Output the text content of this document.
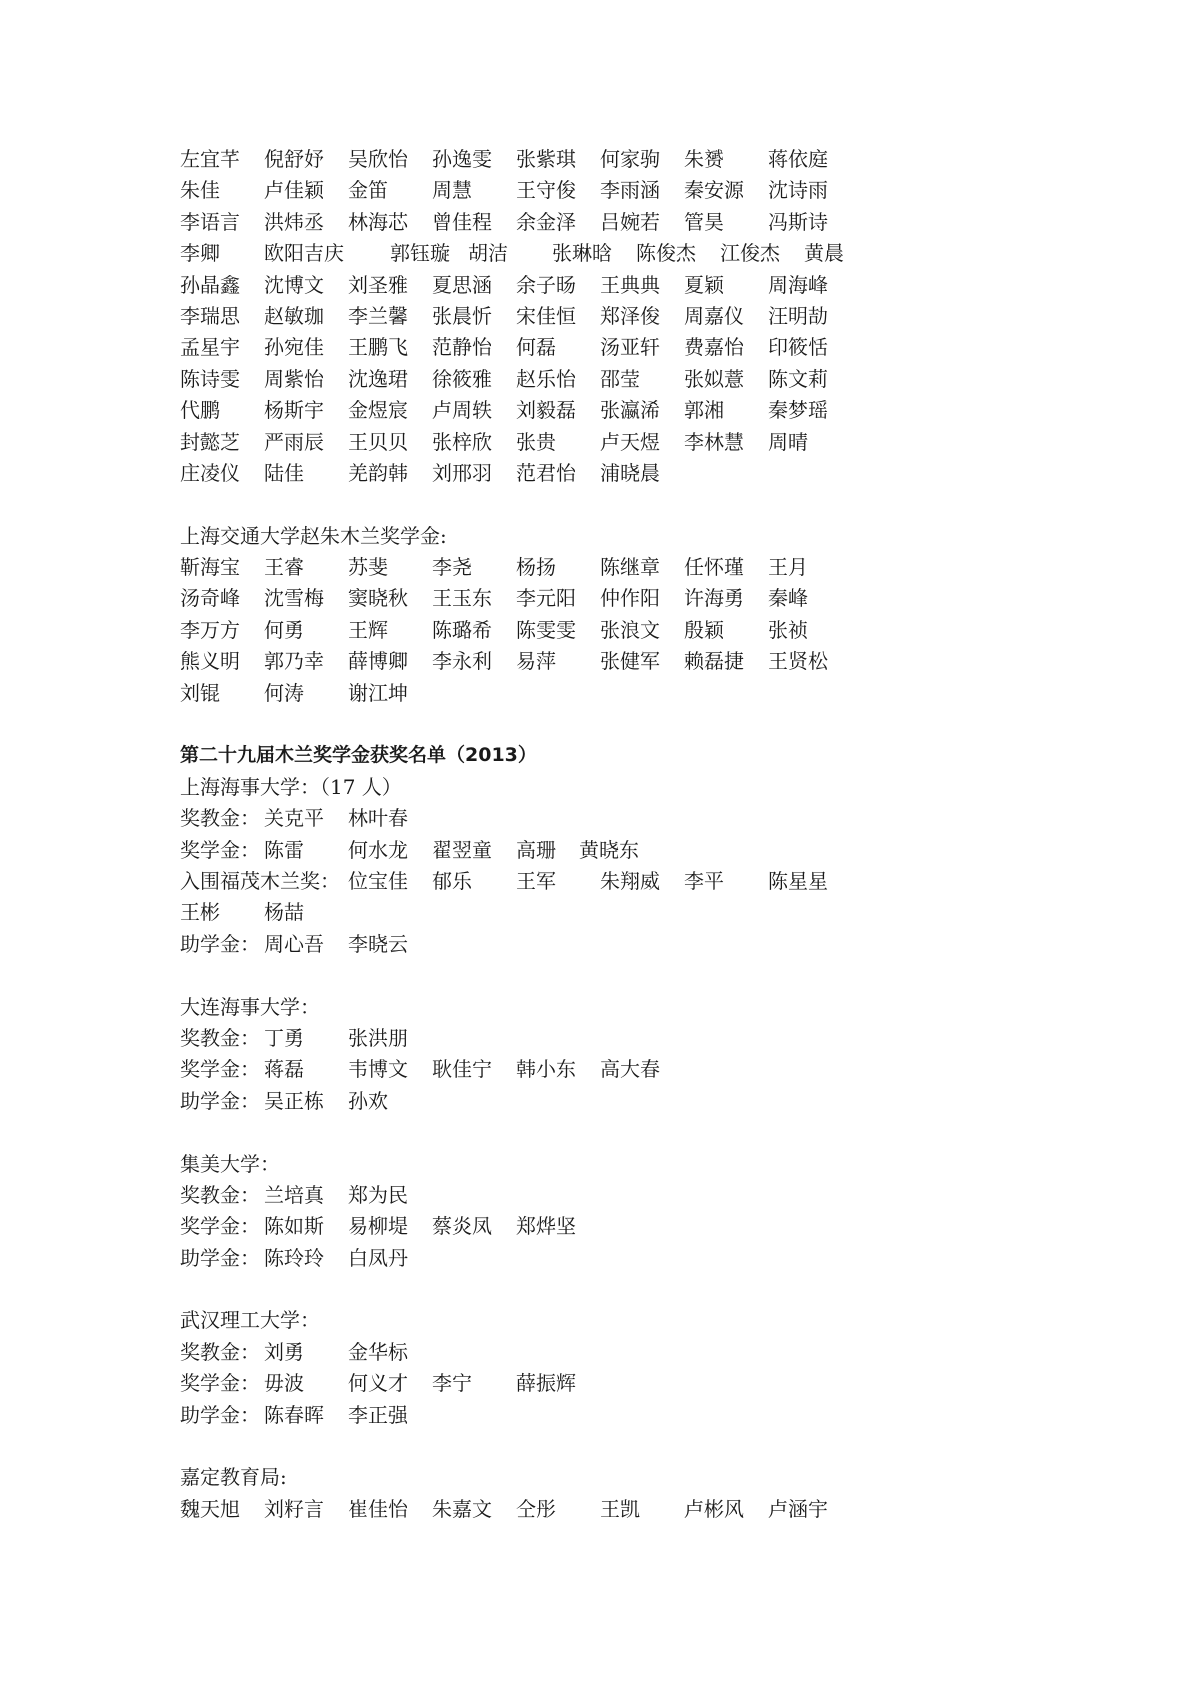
左宜芊	倪舒妤	吴欣怡	孙逸雯	张紫琪	何家驹	朱赟	蒋依庭
朱佳	卢佳颖	金笛	周慧	王守俊	李雨涵	秦安源	沈诗雨
李语言	洪炜丞	林海芯	曾佳程	余金泽	吕婉若	管昊	冯斯诗
李卿	欧阳吉庆	郭钰璇 胡洁	张琳晗	陈俊杰	江俊杰	黄晨
孙晶鑫	沈博文	刘圣雅	夏思涵	余子旸	王典典	夏颖	周海峰
李瑞思	赵敏珈	李兰馨	张晨忻	宋佳恒	郑泽俊	周嘉仪	汪明劼
孟星宇	孙宛佳	王鹏飞	范静怡	何磊	汤亚轩	费嘉怡	印筱恬
陈诗雯	周紫怡	沈逸珺	徐筱雅	赵乐怡	邵莹	张姒薏	陈文莉
代鹏	杨斯宇	金煜宸	卢周轶	刘毅磊	张瀛浠	郭湘	秦梦瑶
封懿芝	严雨辰	王贝贝	张梓欣	张贵	卢天煜	李林慧	周晴
庄凌仪	陆佳	羌韵韩	刘邢羽	范君怡	浦晓晨
上海交通大学赵朱木兰奖学金:
靳海宝	王睿	苏斐	李尧	杨扬	陈继章	任怀瑾	王月
汤奇峰	沈雪梅	窦晓秋	王玉东	李元阳	仲作阳	许海勇	秦峰
李万方	何勇	王辉	陈璐希	陈雯雯	张浪文	殷颖	张祯
熊义明	郭乃幸	薛博卿	李永利	易萍	张健军	赖磊捷	王贤松
刘锟	何涛	谢江坤
第二十九届木兰奖学金获奖名单（2013）
上海海事大学：（17 人）
奖教金： 关克平	林叶春
奖学金： 陈雷	何水龙	翟翌童	高珊	黄晓东
入围福茂木兰奖： 位宝佳	郁乐	王军	朱翔威	李平	陈星星
王彬	杨喆
助学金： 周心吾	李晓云
大连海事大学：
奖教金： 丁勇	张洪朋
奖学金： 蒋磊	韦博文	耿佳宁	韩小东	高大春
助学金： 吴正栋	孙欢
集美大学：
奖教金： 兰培真	郑为民
奖学金： 陈如斯	易柳堤	蔡炎凤	郑烨坚
助学金： 陈玲玲	白凤丹
武汉理工大学：
奖教金： 刘勇	金华标
奖学金： 毋波	何义才	李宁	薛振辉
助学金： 陈春晖	李正强
嘉定教育局:
魏天旭	刘籽言	崔佳怡	朱嘉文	仝彤	王凯	卢彬风	卢涵宇
